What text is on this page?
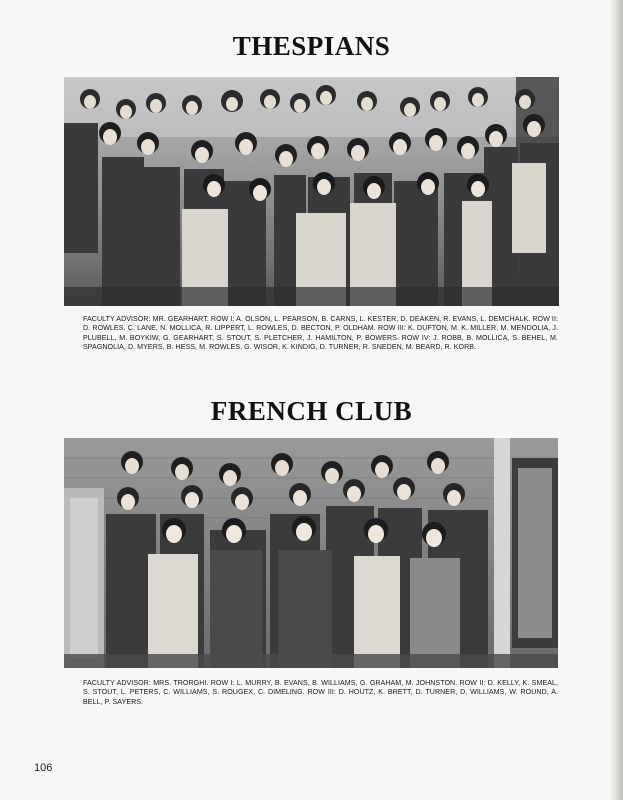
THESPIANS
FACULTY ADVISOR: MR. GEARHART. ROW I: A. OLSON, L. PEARSON, B. CARNS, L. KESTER, D. DEAKEN, R. EVANS, L. DEMCHALK. ROW II: D. ROWLES, C. LANE, N. MOLLICA, R. LIPPERT, L. ROWLES, D. BECTON, P. OLDHAM. ROW III: K. DUFTON, M. K. MILLER, M. MENDOLIA, J. PLUBELL, M. BOYKIW, G. GEARHART, S. STOUT, S. PLETCHER, J. HAMILTON, P. BOWERS. ROW IV: J. ROBB, B. MOLLICA, S. BEHEL, M. SPAGNOLIA, D. MYERS, B. HESS, M. ROWLES, G. WISOR, K. KINDIG, D. TURNER, R. SNEDEN, M. BEARD, R. KORB.
FRENCH CLUB
FACULTY ADVISOR: MRS. TRORGHI. ROW I: L. MURRY, B. EVANS, B. WILLIAMS, G. GRAHAM, M. JOHNSTON. ROW II: D. KELLY, K. SMEAL, S. STOUT, L. PETERS, C. WILLIAMS, S. ROUGEX, C. DIMELING. ROW III: D. HOUTZ, K. BRETT, D. TURNER, D. WILLIAMS, W. ROUND, A. BELL, P. SAYERS.
106
